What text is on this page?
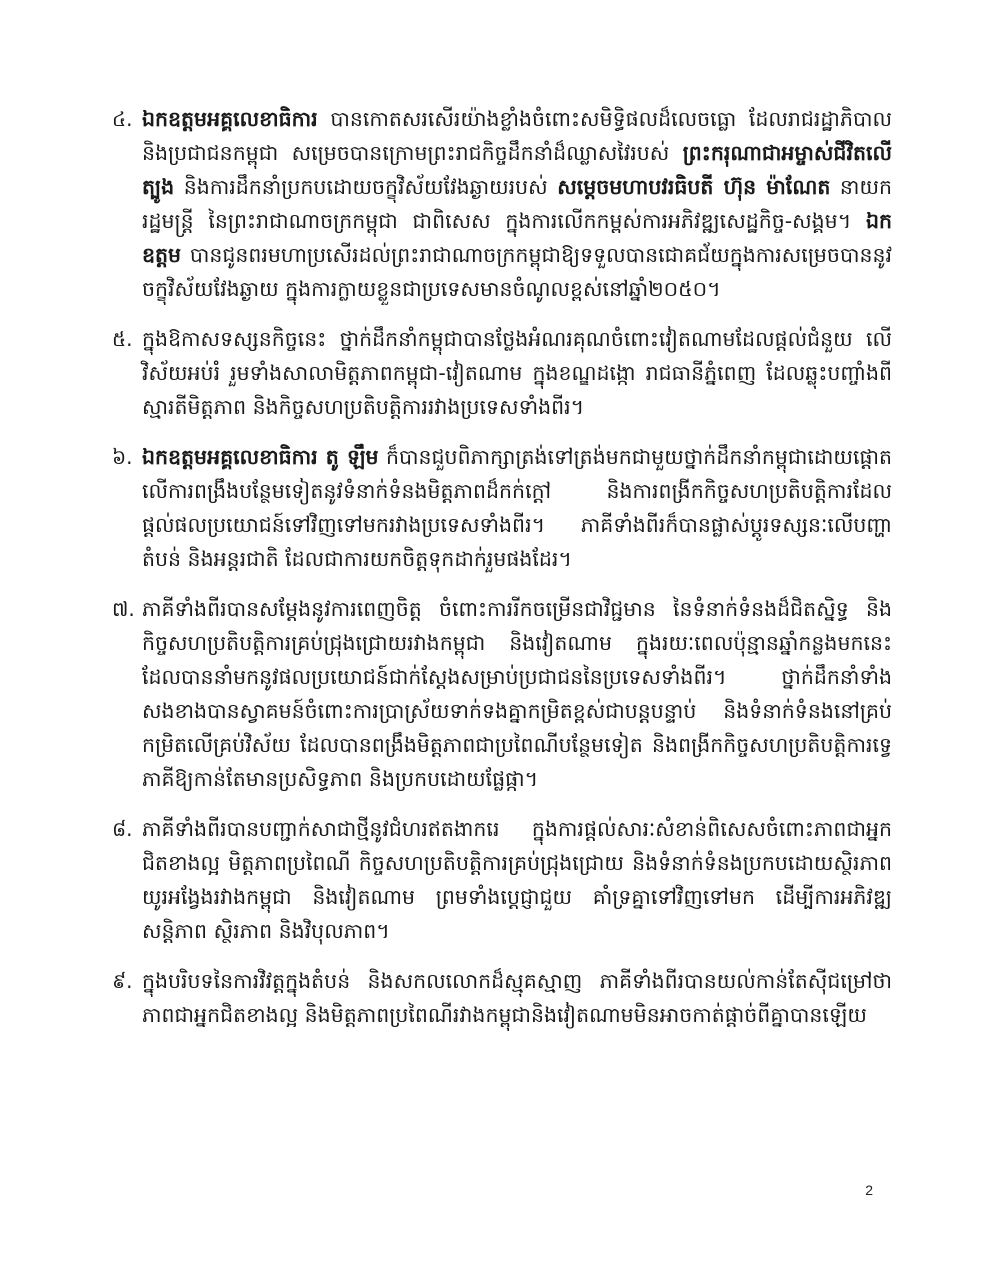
៤. ឯកឧត្តមអគ្គលេខាធិការ បានកោតសរសើរយ៉ាងខ្លាំងចំពោះសមិទ្ធិផលដ៏លេចធ្លោ ដែលរាជរដ្ឋាភិបាល និងប្រជាជនកម្ពុជា សម្រេចបានក្រោមព្រះរាជកិច្ចដឹកនាំដ៏ឈ្លាសវៃរបស់ ព្រះករុណាជាអម្ចាស់ជីវិតលើត្បូង និងការដឹកនាំប្រកបដោយចក្ខុវិស័យវែងឆ្ងាយរបស់ សម្តេចមហាបវរធិបតី ហ៊ុន ម៉ាណែត នាយករដ្ឋមន្ត្រី នៃព្រះរាជាណាចក្រកម្ពុជា ជាពិសេស ក្នុងការលើកកម្ពស់ការអភិវឌ្ឍសេដ្ឋកិច្ច-សង្គម។ ឯកឧត្តម បានជូនពរមហាប្រសើរដល់ព្រះរាជាណាចក្រកម្ពុជាឱ្យទទួលបានជោគជ័យក្នុងការសម្រេចបាននូវចក្ខុវិស័យវែងឆ្ងាយ ក្នុងការក្លាយខ្លួនជាប្រទេសមានចំណូលខ្ពស់នៅឆ្នាំ២០៥០។
៥. ក្នុងឱកាសទស្សនកិច្ចនេះ ថ្នាក់ដឹកនាំកម្ពុជាបានថ្លែងអំណរគុណចំពោះវៀតណាមដែលផ្តល់ជំនួយ លើវិស័យអប់រំ រួមទាំងសាលាមិត្តភាពកម្ពុជា-វៀតណាម ក្នុងខណ្ឌដង្កោ រាជធានីភ្នំពេញ ដែលឆ្លុះបញ្ចាំងពីស្មារតីមិត្តភាព និងកិច្ចសហប្រតិបត្តិការរវាងប្រទេសទាំងពីរ។
៦. ឯកឧត្តមអគ្គលេខាធិការ តូ ឡឹម ក៏បានជួបពិភាក្សាត្រង់ទៅត្រង់មកជាមួយថ្នាក់ដឹកនាំកម្ពុជាដោយផ្តោតលើការពង្រឹងបន្ថែមទៀតនូវទំនាក់ទំនងមិត្តភាពដ៏កក់ក្តៅ និងការពង្រីកកិច្ចសហប្រតិបត្តិការដែលផ្តល់ផលប្រយោជន៍ទៅវិញទៅមករវាងប្រទេសទាំងពីរ។ ភាគីទាំងពីរក៏បានផ្លាស់ប្តូរទស្សនៈលើបញ្ហាតំបន់ និងអន្តរជាតិ ដែលជាការយកចិត្តទុកដាក់រួមផងដែរ។
៧. ភាគីទាំងពីរបានសម្តែងនូវការពេញចិត្ត ចំពោះការរីកចម្រើនជាវិជ្ជមាន នៃទំនាក់ទំនងដ៏ជិតស្និទ្ធ និងកិច្ចសហប្រតិបត្តិការគ្រប់ជ្រុងជ្រោយរវាងកម្ពុជា និងវៀតណាម ក្នុងរយៈពេលប៉ុន្មានឆ្នាំកន្លងមកនេះ ដែលបាននាំមកនូវផលប្រយោជន៍ជាក់ស្តែងសម្រាប់ប្រជាជននៃប្រទេសទាំងពីរ។ ថ្នាក់ដឹកនាំទាំងសងខាងបានស្វាគមន៍ចំពោះការប្រាស្រ័យទាក់ទងគ្នាកម្រិតខ្ពស់ជាបន្តបន្ទាប់ និងទំនាក់ទំនងនៅគ្រប់កម្រិតលើគ្រប់វិស័យ ដែលបានពង្រឹងមិត្តភាពជាប្រពៃណីបន្ថែមទៀត និងពង្រីកកិច្ចសហប្រតិបត្តិការទ្វេភាគីឱ្យកាន់តែមានប្រសិទ្ធភាព និងប្រកបដោយផ្លែផ្កា។
៨. ភាគីទាំងពីរបានបញ្ជាក់សាជាថ្មីនូវជំហរឥតងាករេ ក្នុងការផ្តល់សារៈសំខាន់ពិសេសចំពោះភាពជាអ្នកជិតខាងល្អ មិត្តភាពប្រពៃណី កិច្ចសហប្រតិបត្តិការគ្រប់ជ្រុងជ្រោយ និងទំនាក់ទំនងប្រកបដោយស្ថិរភាពយូរអង្វែងរវាងកម្ពុជា និងវៀតណាម ព្រមទាំងប្តេជ្ញាជួយ គាំទ្រគ្នាទៅវិញទៅមក ដើម្បីការអភិវឌ្ឍ សន្តិភាព ស្ថិរភាព និងវិបុលភាព។
៩. ក្នុងបរិបទនៃការវិវត្តក្នុងតំបន់ និងសកលលោកដ៏ស្មុគស្មាញ ភាគីទាំងពីរបានយល់កាន់តែស៊ីជម្រៅថា ភាពជាអ្នកជិតខាងល្អ និងមិត្តភាពប្រពៃណីរវាងកម្ពុជានិងវៀតណាមមិនអាចកាត់ផ្តាច់ពីគ្នាបានឡើយ
2
